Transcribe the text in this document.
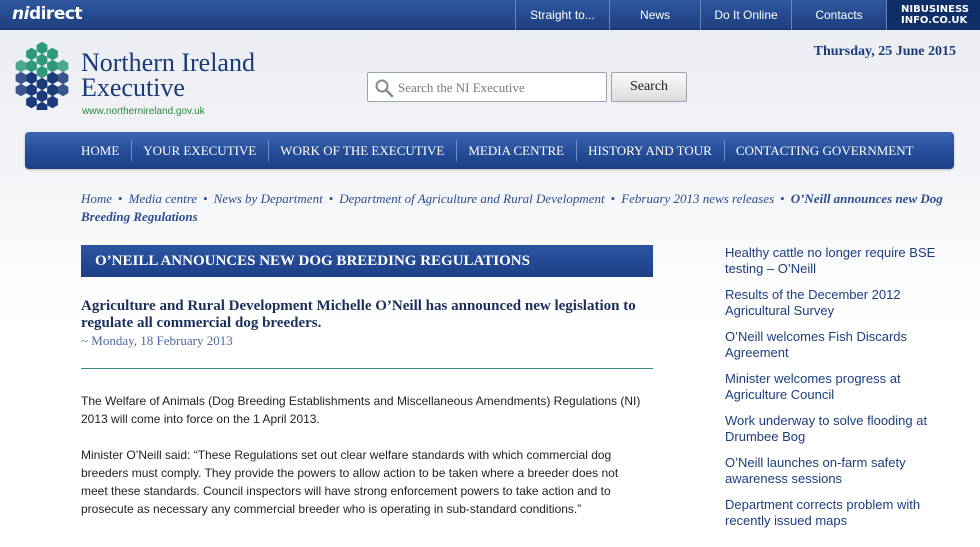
nidirect	Straight to...	News	Do It Online	Contacts	NIBUSINESS
INFO.CO.UK
Northern Ireland
Executive
www.northernireland.gov.uk
Thursday, 25 June 2015
Search the NI Executive
Search
HOME	YOUR EXECUTIVE	WORK OF THE EXECUTIVE	MEDIA CENTRE	HISTORY AND TOUR	CONTACTING GOVERNMENT
Home • Media centre • News by Department • Department of Agriculture and Rural Development • February 2013 news releases • O’Neill announces new Dog Breeding Regulations
O’NEILL ANNOUNCES NEW DOG BREEDING REGULATIONS
Agriculture and Rural Development Michelle O’Neill has announced new legislation to regulate all commercial dog breeders.
~ Monday, 18 February 2013

The Welfare of Animals (Dog Breeding Establishments and Miscellaneous Amendments) Regulations (NI) 2013 will come into force on the 1 April 2013.

Minister O’Neill said: “These Regulations set out clear welfare standards with which commercial dog breeders must comply. They provide the powers to allow action to be taken where a breeder does not meet these standards. Council inspectors will have strong enforcement powers to take action and to prosecute as necessary any commercial breeder who is operating in sub-standard conditions.”

Healthy cattle no longer require BSE testing – O’Neill
Results of the December 2012 Agricultural Survey
O’Neill welcomes Fish Discards Agreement
Minister welcomes progress at Agriculture Council
Work underway to solve flooding at Drumbee Bog
O’Neill launches on-farm safety awareness sessions
Department corrects problem with recently issued maps
